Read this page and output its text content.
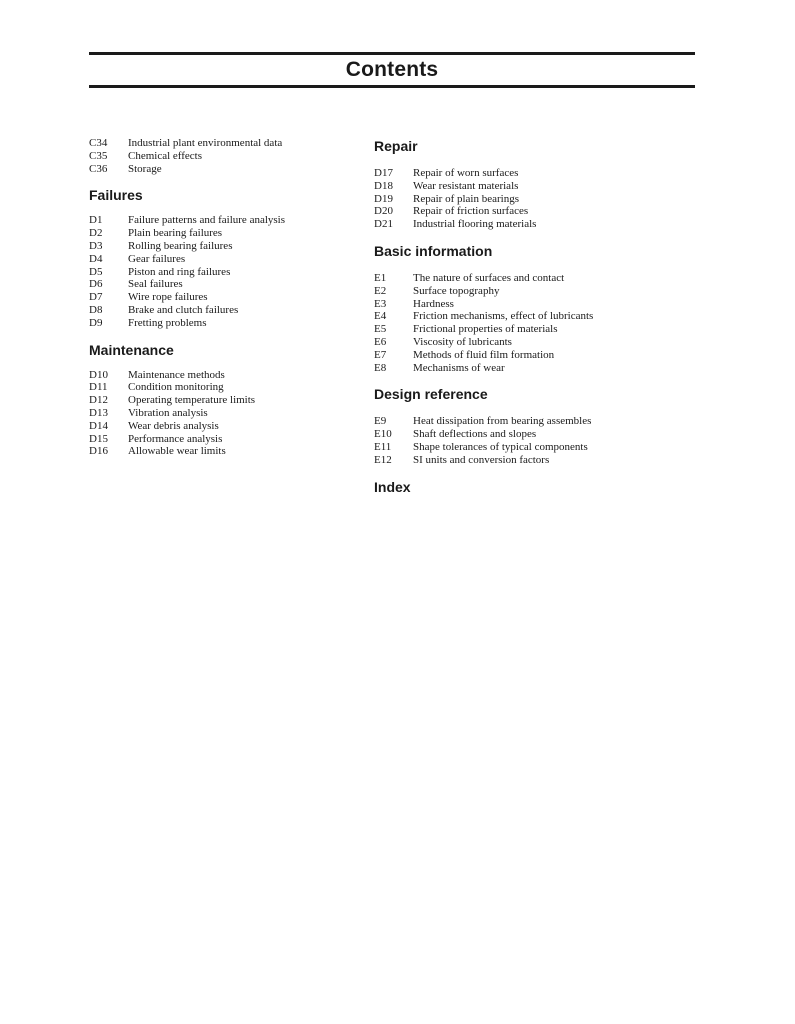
Contents
C34	Industrial plant environmental data
C35	Chemical effects
C36	Storage
Failures
D1	Failure patterns and failure analysis
D2	Plain bearing failures
D3	Rolling bearing failures
D4	Gear failures
D5	Piston and ring failures
D6	Seal failures
D7	Wire rope failures
D8	Brake and clutch failures
D9	Fretting problems
Maintenance
D10	Maintenance methods
D11	Condition monitoring
D12	Operating temperature limits
D13	Vibration analysis
D14	Wear debris analysis
D15	Performance analysis
D16	Allowable wear limits
Repair
D17	Repair of worn surfaces
D18	Wear resistant materials
D19	Repair of plain bearings
D20	Repair of friction surfaces
D21	Industrial flooring materials
Basic information
E1	The nature of surfaces and contact
E2	Surface topography
E3	Hardness
E4	Friction mechanisms, effect of lubricants
E5	Frictional properties of materials
E6	Viscosity of lubricants
E7	Methods of fluid film formation
E8	Mechanisms of wear
Design reference
E9	Heat dissipation from bearing assembles
E10	Shaft deflections and slopes
E11	Shape tolerances of typical components
E12	SI units and conversion factors
Index
